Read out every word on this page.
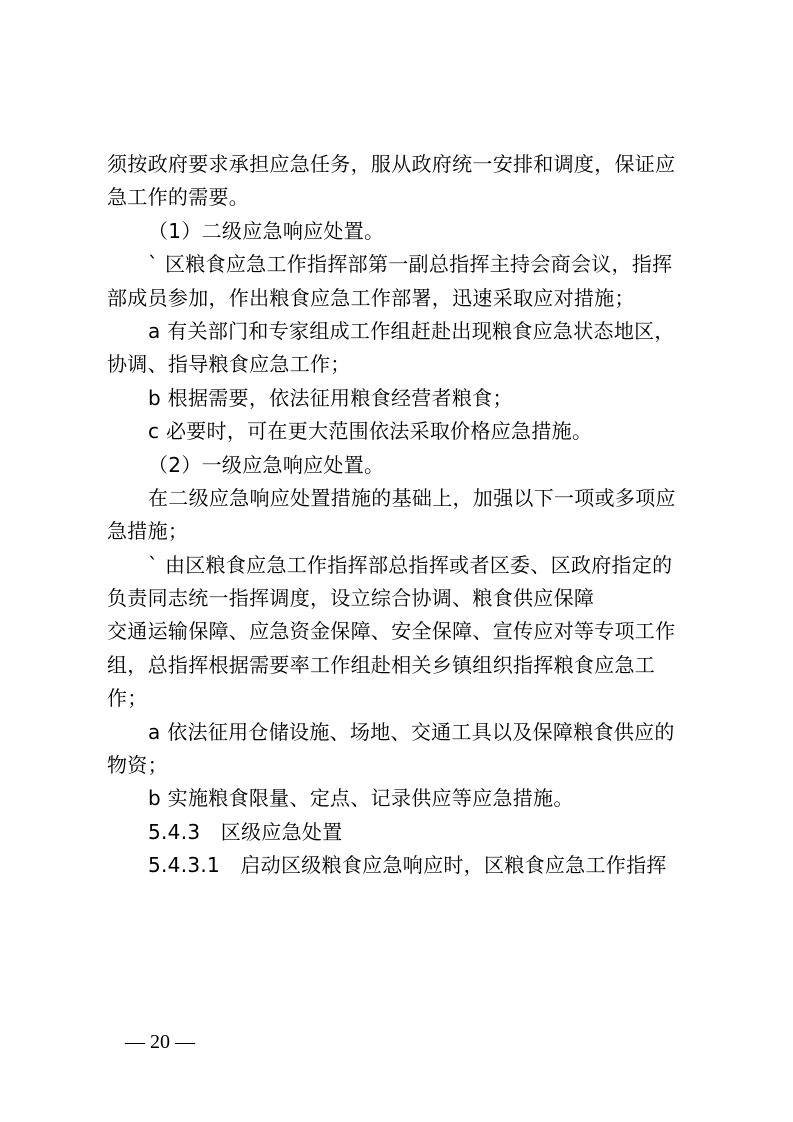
须按政府要求承担应急任务，服从政府统一安排和调度，保证应
急工作的需要。
（1）二级应急响应处置。
` 区粮食应急工作指挥部第一副总指挥主持会商会议，指挥
部成员参加，作出粮食应急工作部署，迅速采取应对措施；
a 有关部门和专家组成工作组赶赴出现粮食应急状态地区，
协调、指导粮食应急工作；
b 根据需要，依法征用粮食经营者粮食；
c 必要时，可在更大范围依法采取价格应急措施。
（2）一级应急响应处置。
在二级应急响应处置措施的基础上，加强以下一项或多项应
急措施；
` 由区粮食应急工作指挥部总指挥或者区委、区政府指定的
负责同志统一指挥调度，设立综合协调、粮食供应保障
交通运输保障、应急资金保障、安全保障、宣传应对等专项工作
组，总指挥根据需要率工作组赴相关乡镇组织指挥粮食应急工
作；
a 依法征用仓储设施、场地、交通工具以及保障粮食供应的
物资；
b 实施粮食限量、定点、记录供应等应急措施。
5.4.3　区级应急处置
5.4.3.1　启动区级粮食应急响应时，区粮食应急工作指挥
— 20 —
